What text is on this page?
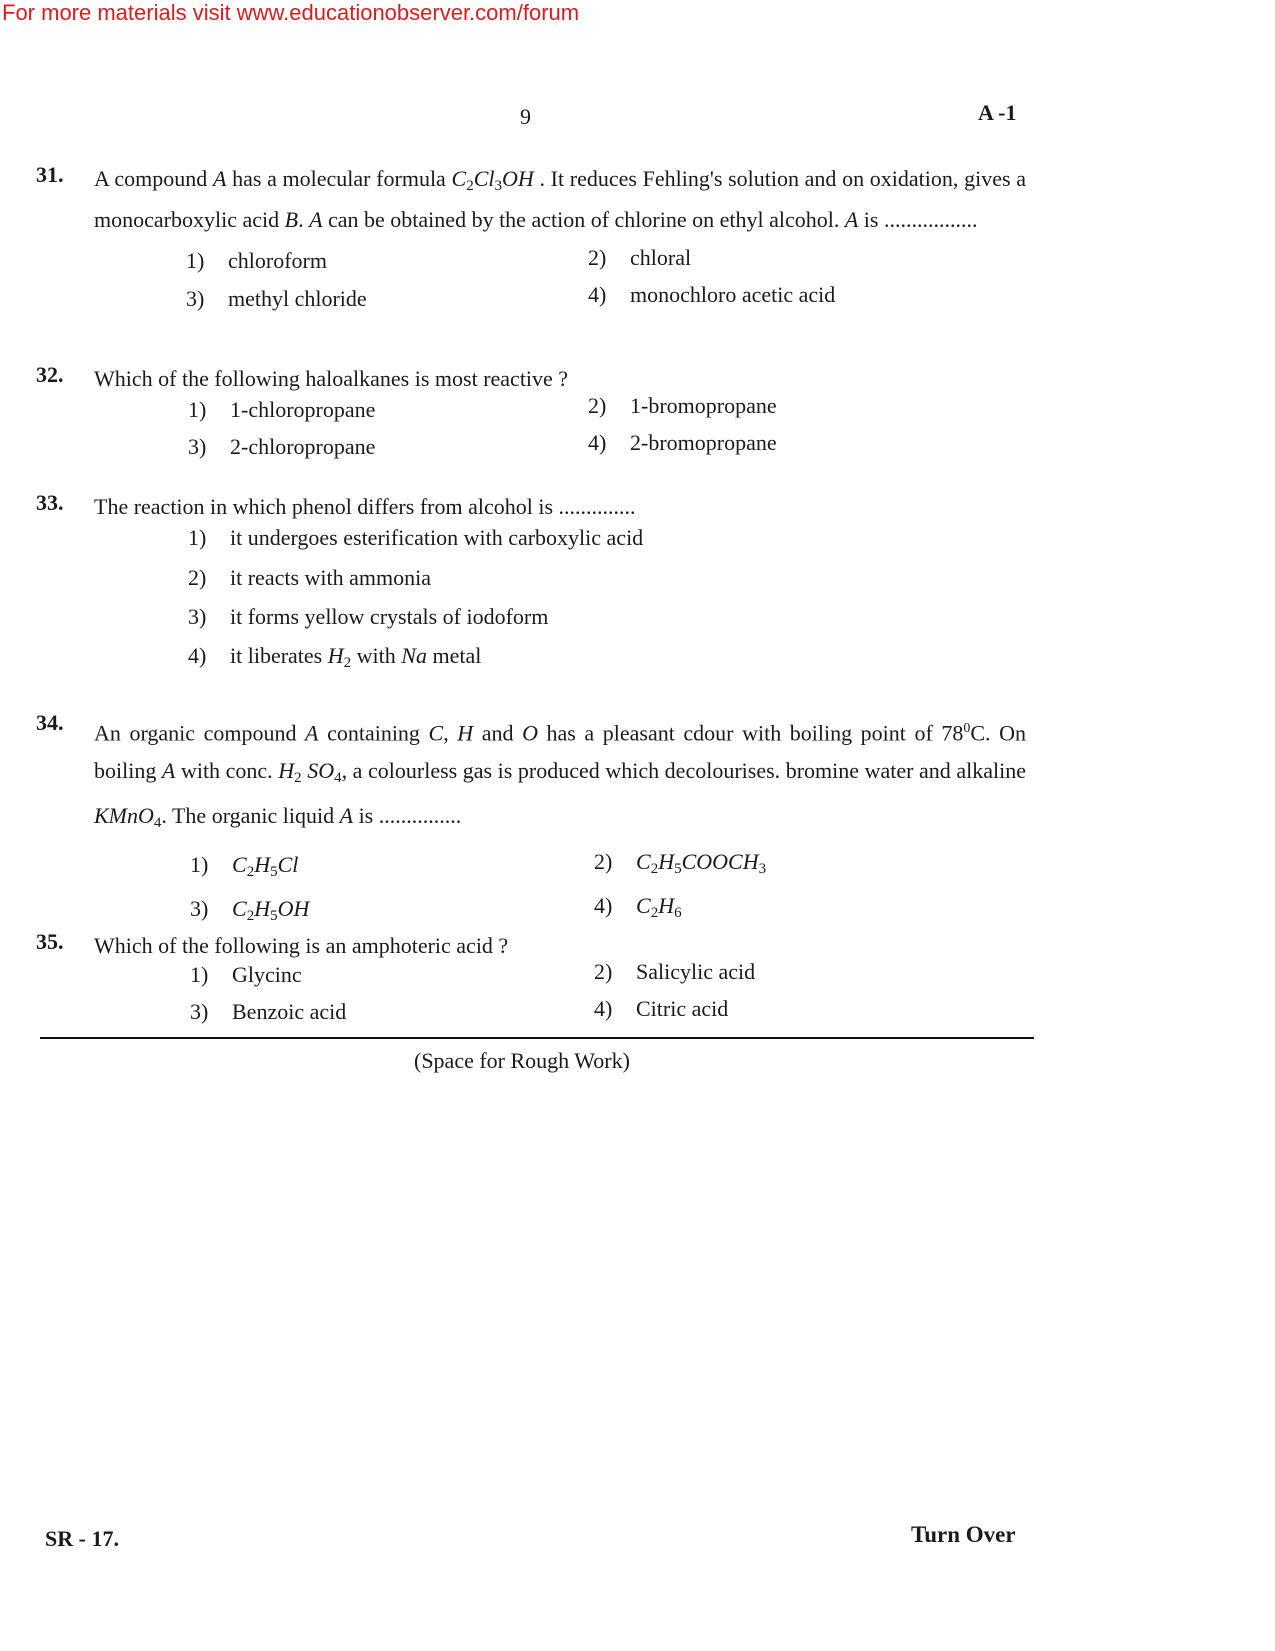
For more materials visit www.educationobserver.com/forum
9	A -1
31. A compound A has a molecular formula $C_2Cl_3OH$ . It reduces Fehling's solution and on oxidation, gives a monocarboxylic acid B. A can be obtained by the action of chlorine on ethyl alcohol. A is .................
1) chloroform	2) chloral
3) methyl chloride	4) monochloro acetic acid
32. Which of the following haloalkanes is most reactive ?
1) 1-chloropropane	2) 1-bromopropane
3) 2-chloropropane	4) 2-bromopropane
33. The reaction in which phenol differs from alcohol is ..............
1) it undergoes esterification with carboxylic acid
2) it reacts with ammonia
3) it forms yellow crystals of iodoform
4) it liberates $H_2$ with Na metal
34. An organic compound A containing C, H and O has a pleasant cdour with boiling point of $78^0C$. On boiling A with conc. $H_2$ $SO_4$, a colourless gas is produced which decolourises. bromine water and alkaline KMnO$_4$. The organic liquid A is ...............
1) $C_2H_5Cl$	2) $C_2H_5COOCH_3$
3) $C_2H_5OH$	4) $C_2H_6$
35. Which of the following is an amphoteric acid ?
1) Glycinc	2) Salicylic acid
3) Benzoic acid	4) Citric acid
(Space for Rough Work)
SR - 17.	Turn Over
